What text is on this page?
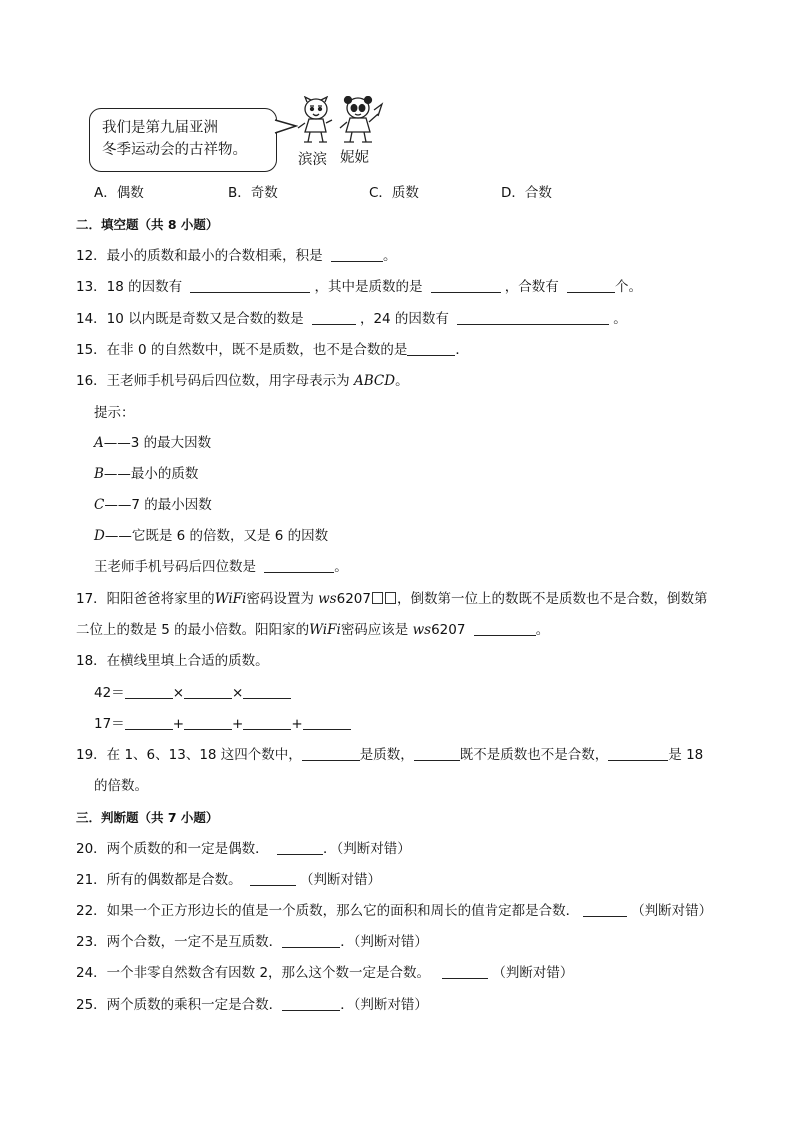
我们是第九届亚洲
冬季运动会的古祥物。
滨滨 妮妮
A．偶数	B．奇数	C．质数	D．合数
二．填空题（共 8 小题）
12．最小的质数和最小的合数相乘，积是	。
13．18 的因数有	，其中是质数的是	，合数有	个。
14．10 以内既是奇数又是合数的数是	，24 的因数有	。
15．在非 0 的自然数中，既不是质数，也不是合数的是	．
16．王老师手机号码后四位数，用字母表示为 ABCD。
提示：
A——3 的最大因数
B——最小的质数
C——7 的最小因数
D——它既是 6 的倍数，又是 6 的因数
王老师手机号码后四位数是	。
17．阳阳爸爸将家里的WiFi密码设置为 ws6207 ，倒数第一位上的数既不是质数也不是合数，倒数第
二位上的数是 5 的最小倍数。阳阳家的WiFi密码应该是 ws6207	。
18．在横线里填上合适的质数。
42＝	×	×
17＝	+	+	+
19．在 1、6、13、18 这四个数中，	是质数，	既不是质数也不是合数，	是 18
的倍数。
三．判断题（共 7 小题）
20．两个质数的和一定是偶数．	．（判断对错）
21．所有的偶数都是合数。	（判断对错）
22．如果一个正方形边长的值是一个质数，那么它的面积和周长的值肯定都是合数．	（判断对错）
23．两个合数，一定不是互质数．	．（判断对错）
24．一个非零自然数含有因数 2，那么这个数一定是合数。	（判断对错）
25．两个质数的乘积一定是合数．	．（判断对错）
